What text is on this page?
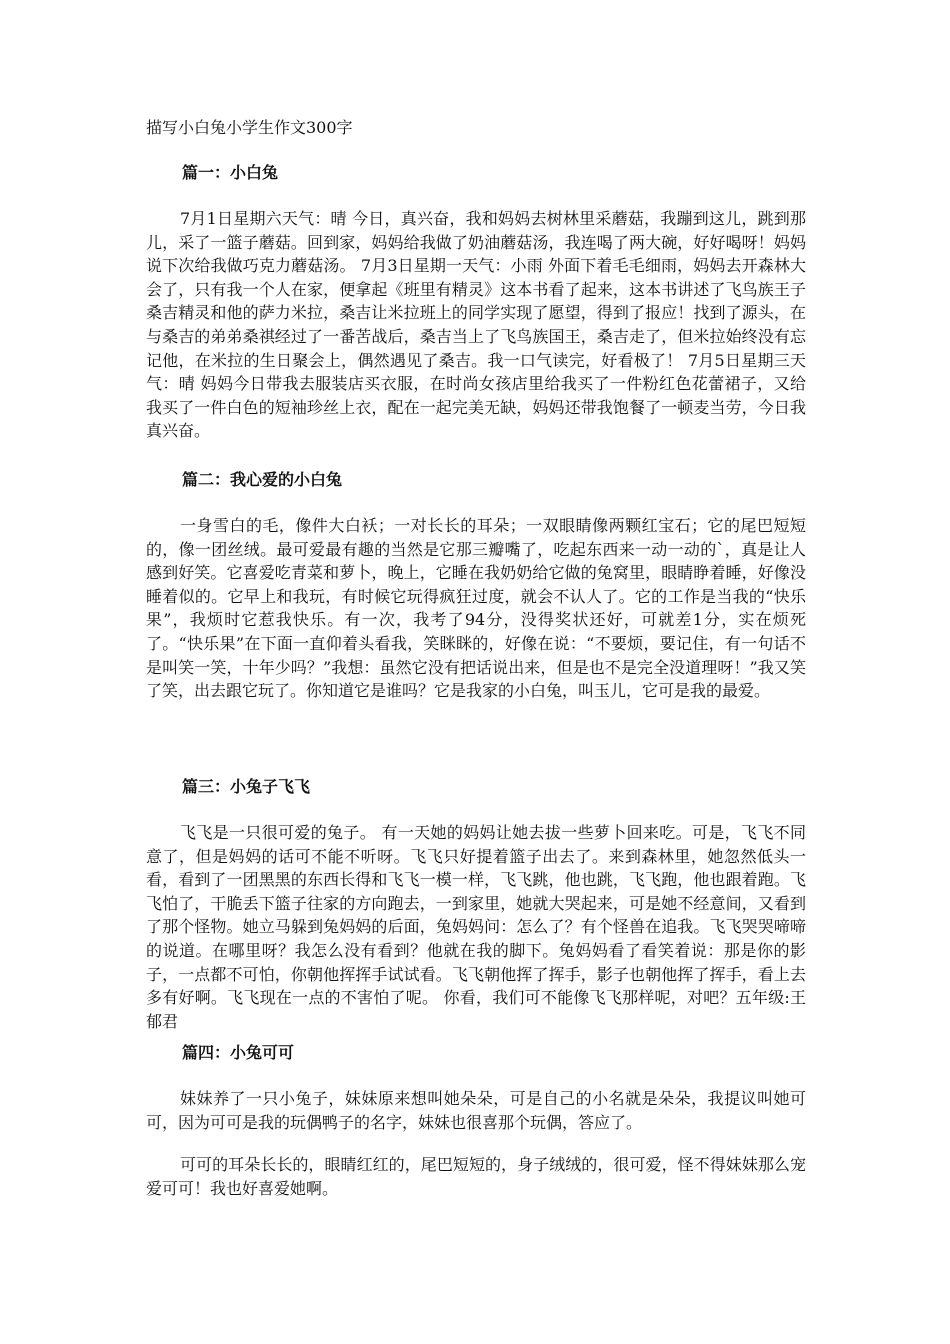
描写小白兔小学生作文300字

篇一：小白兔

7月1日星期六天气：晴 今日，真兴奋，我和妈妈去树林里采蘑菇，我蹦到这儿，跳到那儿，采了一篮子蘑菇。回到家，妈妈给我做了奶油蘑菇汤，我连喝了两大碗，好好喝呀！妈妈说下次给我做巧克力蘑菇汤。 7月3日星期一天气：小雨 外面下着毛毛细雨，妈妈去开森林大会了，只有我一个人在家，便拿起《班里有精灵》这本书看了起来，这本书讲述了飞鸟族王子桑吉精灵和他的萨力米拉，桑吉让米拉班上的同学实现了愿望，得到了报应！找到了源头，在与桑吉的弟弟桑祺经过了一番苦战后，桑吉当上了飞鸟族国王，桑吉走了，但米拉始终没有忘记他，在米拉的生日聚会上，偶然遇见了桑吉。我一口气读完，好看极了！ 7月5日星期三天气：晴 妈妈今日带我去服装店买衣服，在时尚女孩店里给我买了一件粉红色花蕾裙子，又给我买了一件白色的短袖珍丝上衣，配在一起完美无缺，妈妈还带我饱餐了一顿麦当劳，今日我真兴奋。

篇二：我心爱的小白兔

一身雪白的毛，像件大白袄；一对长长的耳朵；一双眼睛像两颗红宝石；它的尾巴短短的，像一团丝绒。最可爱最有趣的当然是它那三瓣嘴了，吃起东西来一动一动的`，真是让人感到好笑。它喜爱吃青菜和萝卜，晚上，它睡在我奶奶给它做的兔窝里，眼睛睁着睡，好像没睡着似的。它早上和我玩，有时候它玩得疯狂过度，就会不认人了。它的工作是当我的“快乐果”，我烦时它惹我快乐。有一次，我考了94分，没得奖状还好，可就差1分，实在烦死了。“快乐果”在下面一直仰着头看我，笑眯眯的，好像在说：“不要烦，要记住，有一句话不是叫笑一笑，十年少吗？”我想：虽然它没有把话说出来，但是也不是完全没道理呀！”我又笑了笑，出去跟它玩了。你知道它是谁吗？它是我家的小白兔，叫玉儿，它可是我的最爱。

篇三：小兔子飞飞

飞飞是一只很可爱的兔子。 有一天她的妈妈让她去拔一些萝卜回来吃。可是，飞飞不同意了，但是妈妈的话可不能不听呀。飞飞只好提着篮子出去了。来到森林里，她忽然低头一看，看到了一团黑黑的东西长得和飞飞一模一样，飞飞跳，他也跳，飞飞跑，他也跟着跑。飞飞怕了，干脆丢下篮子往家的方向跑去，一到家里，她就大哭起来，可是她不经意间，又看到了那个怪物。她立马躲到兔妈妈的后面，兔妈妈问：怎么了？有个怪兽在追我。飞飞哭哭啼啼的说道。在哪里呀？我怎么没有看到？他就在我的脚下。兔妈妈看了看笑着说：那是你的影子，一点都不可怕，你朝他挥挥手试试看。飞飞朝他挥了挥手，影子也朝他挥了挥手，看上去多有好啊。飞飞现在一点的不害怕了呢。 你看，我们可不能像飞飞那样呢，对吧？五年级:王郁君

篇四：小兔可可

妹妹养了一只小兔子，妹妹原来想叫她朵朵，可是自己的小名就是朵朵，我提议叫她可可，因为可可是我的玩偶鸭子的名字，妹妹也很喜那个玩偶，答应了。

可可的耳朵长长的，眼睛红红的，尾巴短短的，身子绒绒的，很可爱，怪不得妹妹那么宠爱可可！我也好喜爱她啊。
